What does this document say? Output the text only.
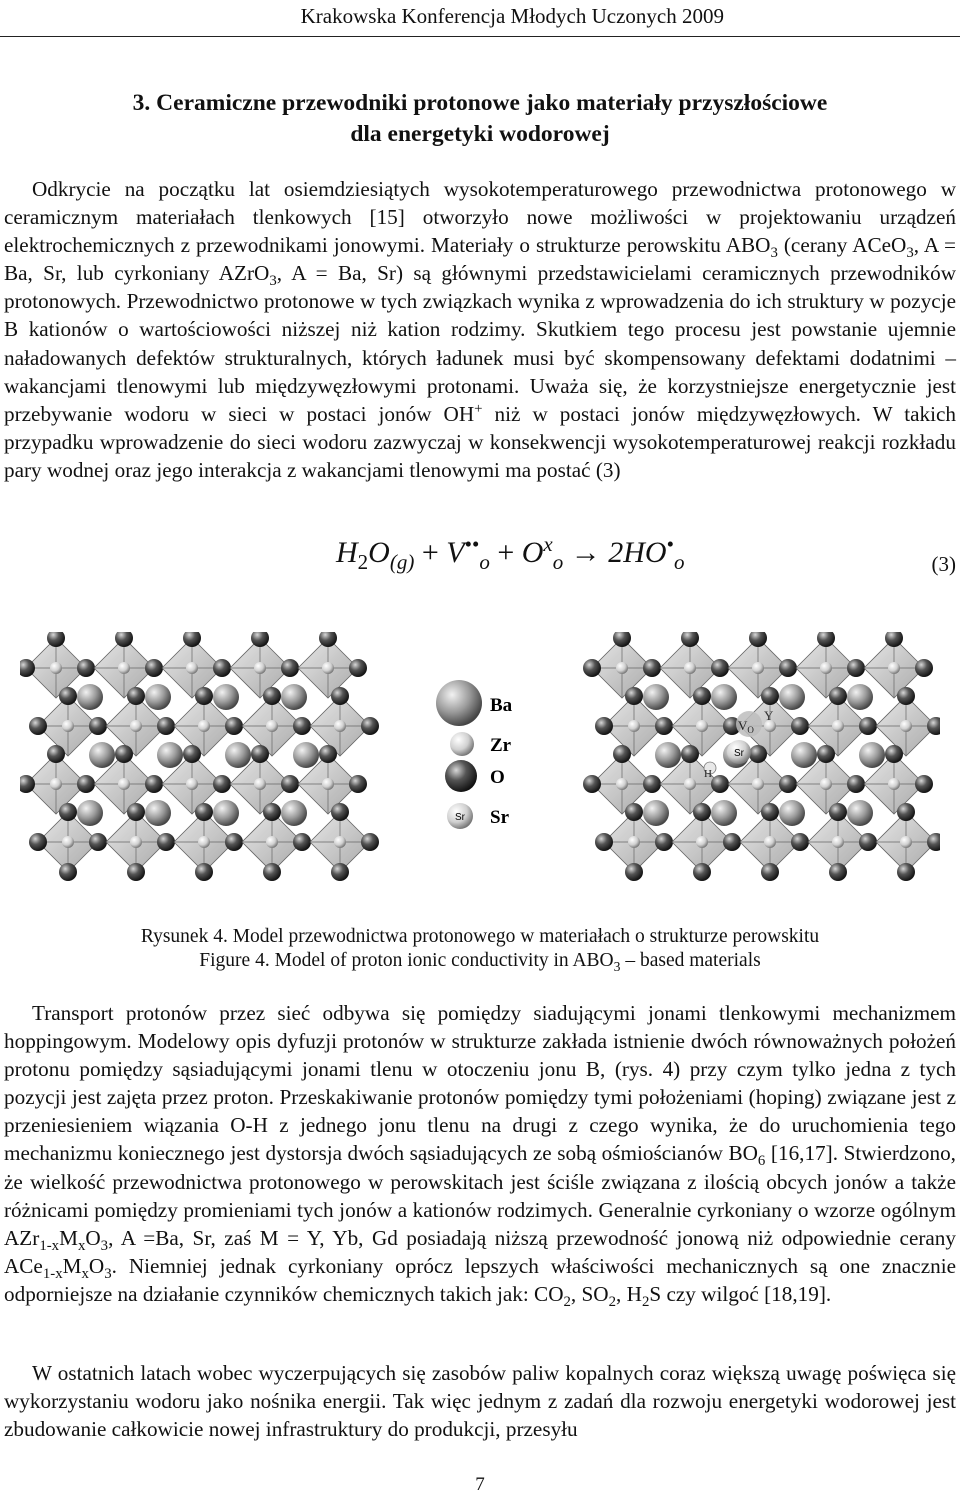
Krakowska Konferencja Młodych Uczonych 2009
3. Ceramiczne przewodniki protonowe jako materiały przyszłościowe
dla energetyki wodorowej

Odkrycie na początku lat osiemdziesiątych wysokotemperaturowego przewodnictwa protonowego w ceramicznym materiałach tlenkowych [15] otworzyło nowe możliwości w projektowaniu urządzeń elektrochemicznych z przewodnikami jonowymi. Materiały o strukturze perowskitu $ABO_3$ (cerany ACeO$_3$, A = Ba, Sr, lub cyrkoniany AZrO$_3$, A = Ba, Sr) są głównymi przedstawicielami ceramicznych przewodników protonowych. Przewodnictwo protonowe w tych związkach wynika z wprowadzenia do ich struktury w pozycje B kationów o wartościowości niższej niż kation rodzimy. Skutkiem tego procesu jest powstanie ujemnie naładowanych defektów strukturalnych, których ładunek musi być skompensowany defektami dodatnimi – wakancjami tlenowymi lub międzywęzłowymi protonami. Uważa się, że korzystniejsze energetycznie jest przebywanie wodoru w sieci w postaci jonów OH+ niż w postaci jonów międzywęzłowych. W takich przypadku wprowadzenie do sieci wodoru zazwyczaj w konsekwencji wysokotemperaturowej reakcji rozkładu pary wodnej oraz jego interakcja z wakancjami tlenowymi ma postać (3)

$H_2O_{(g)} + V^{••}_o + O^x_o \to 2HO^•_o$	(3)
Ba
Zr
O
Sr Sr
$V_O$
Y
Sr
H
Rysunek 4. Model przewodnictwa protonowego w materiałach o strukturze perowskitu
Figure 4. Model of proton ionic conductivity in $ABO_3$ – based materials

Transport protonów przez sieć odbywa się pomiędzy siadującymi jonami tlenkowymi mechanizmem hoppingowym. Modelowy opis dyfuzji protonów w strukturze zakłada istnienie dwóch równoważnych położeń protonu pomiędzy sąsiadującymi jonami tlenu w otoczeniu jonu B, (rys. 4) przy czym tylko jedna z tych pozycji jest zajęta przez proton. Przeskakiwanie protonów pomiędzy tymi położeniami (hoping) związane jest z przeniesieniem wiązania O-H z jednego jonu tlenu na drugi z czego wynika, że do uruchomienia tego mechanizmu koniecznego jest dystorsja dwóch sąsiadujących ze sobą ośmiościanów $BO_6$ [16,17]. Stwierdzono, że wielkość przewodnictwa protonowego w perowskitach jest ściśle związana z ilością obcych jonów a także różnicami pomiędzy promieniami tych jonów a kationów rodzimych. Generalnie cyrkoniany o wzorze ogólnym $AZr_{1-x}M_xO_3$, A =Ba, Sr, zaś M = Y, Yb, Gd posiadają niższą przewodność jonową niż odpowiednie cerany $ACe_{1-x}M_xO_3$. Niemniej jednak cyrkoniany oprócz lepszych właściwości mechanicznych są one znacznie odporniejsze na działanie czynników chemicznych takich jak: $CO_2$, $SO_2$, $H_2S$ czy wilgoć [18,19].

W ostatnich latach wobec wyczerpujących się zasobów paliw kopalnych coraz większą uwagę poświęca się wykorzystaniu wodoru jako nośnika energii. Tak więc jednym z zadań dla rozwoju energetyki wodorowej jest zbudowanie całkowicie nowej infrastruktury do produkcji, przesyłu

7
